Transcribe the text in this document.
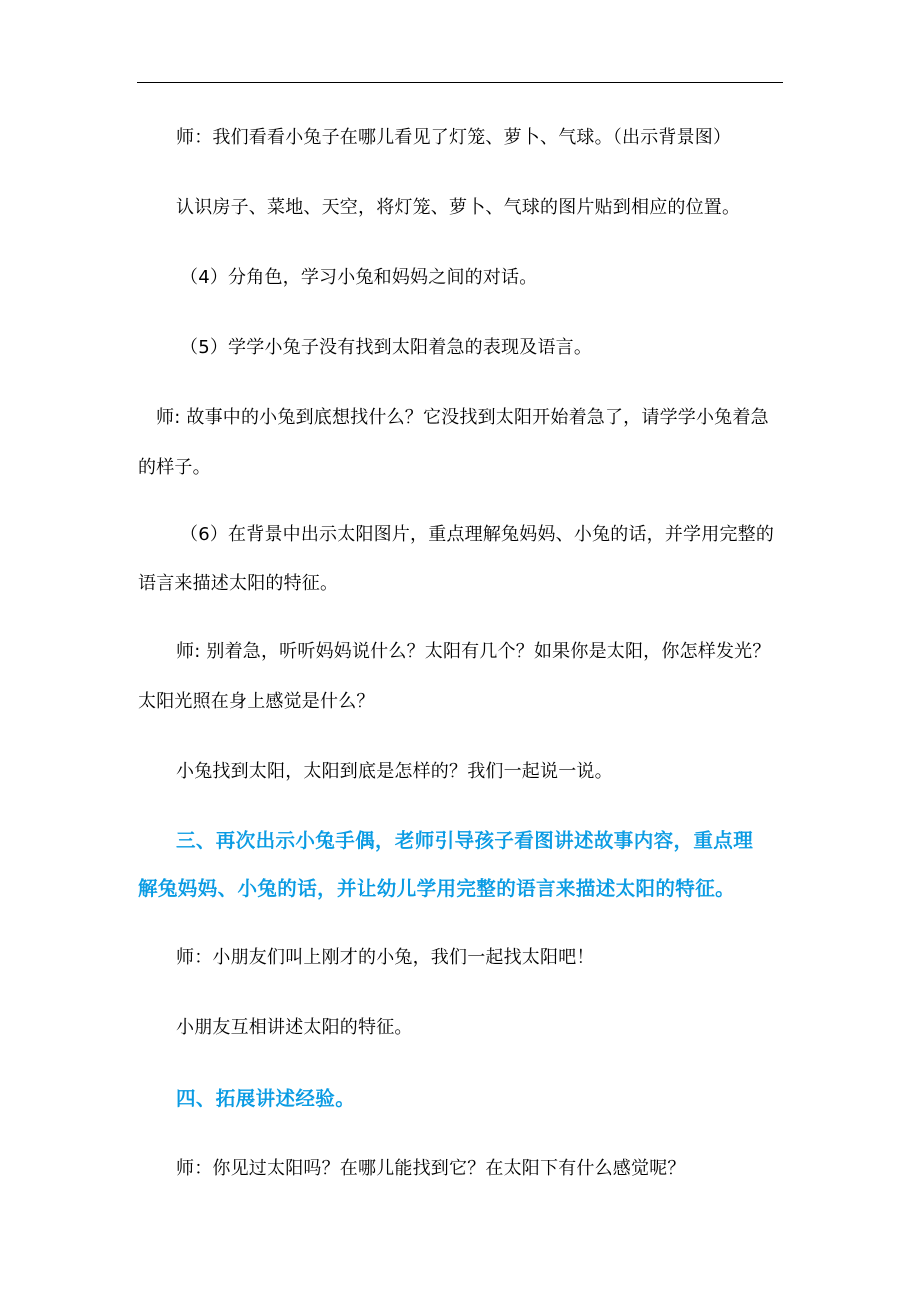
师：我们看看小兔子在哪儿看见了灯笼、萝卜、气球。（出示背景图）

认识房子、菜地、天空，将灯笼、萝卜、气球的图片贴到相应的位置。

（4）分角色，学习小兔和妈妈之间的对话。

（5）学学小兔子没有找到太阳着急的表现及语言。

师: 故事中的小兔到底想找什么？它没找到太阳开始着急了，请学学小兔着急

的样子。

（6）在背景中出示太阳图片，重点理解兔妈妈、小兔的话，并学用完整的

语言来描述太阳的特征。

师: 别着急，听听妈妈说什么？太阳有几个？如果你是太阳，你怎样发光？

太阳光照在身上感觉是什么？

小兔找到太阳，太阳到底是怎样的？我们一起说一说。

三、再次出示小兔手偶，老师引导孩子看图讲述故事内容，重点理

解兔妈妈、小兔的话，并让幼儿学用完整的语言来描述太阳的特征。

师：小朋友们叫上刚才的小兔，我们一起找太阳吧！

小朋友互相讲述太阳的特征。

四、拓展讲述经验。

师：你见过太阳吗？在哪儿能找到它？在太阳下有什么感觉呢？
